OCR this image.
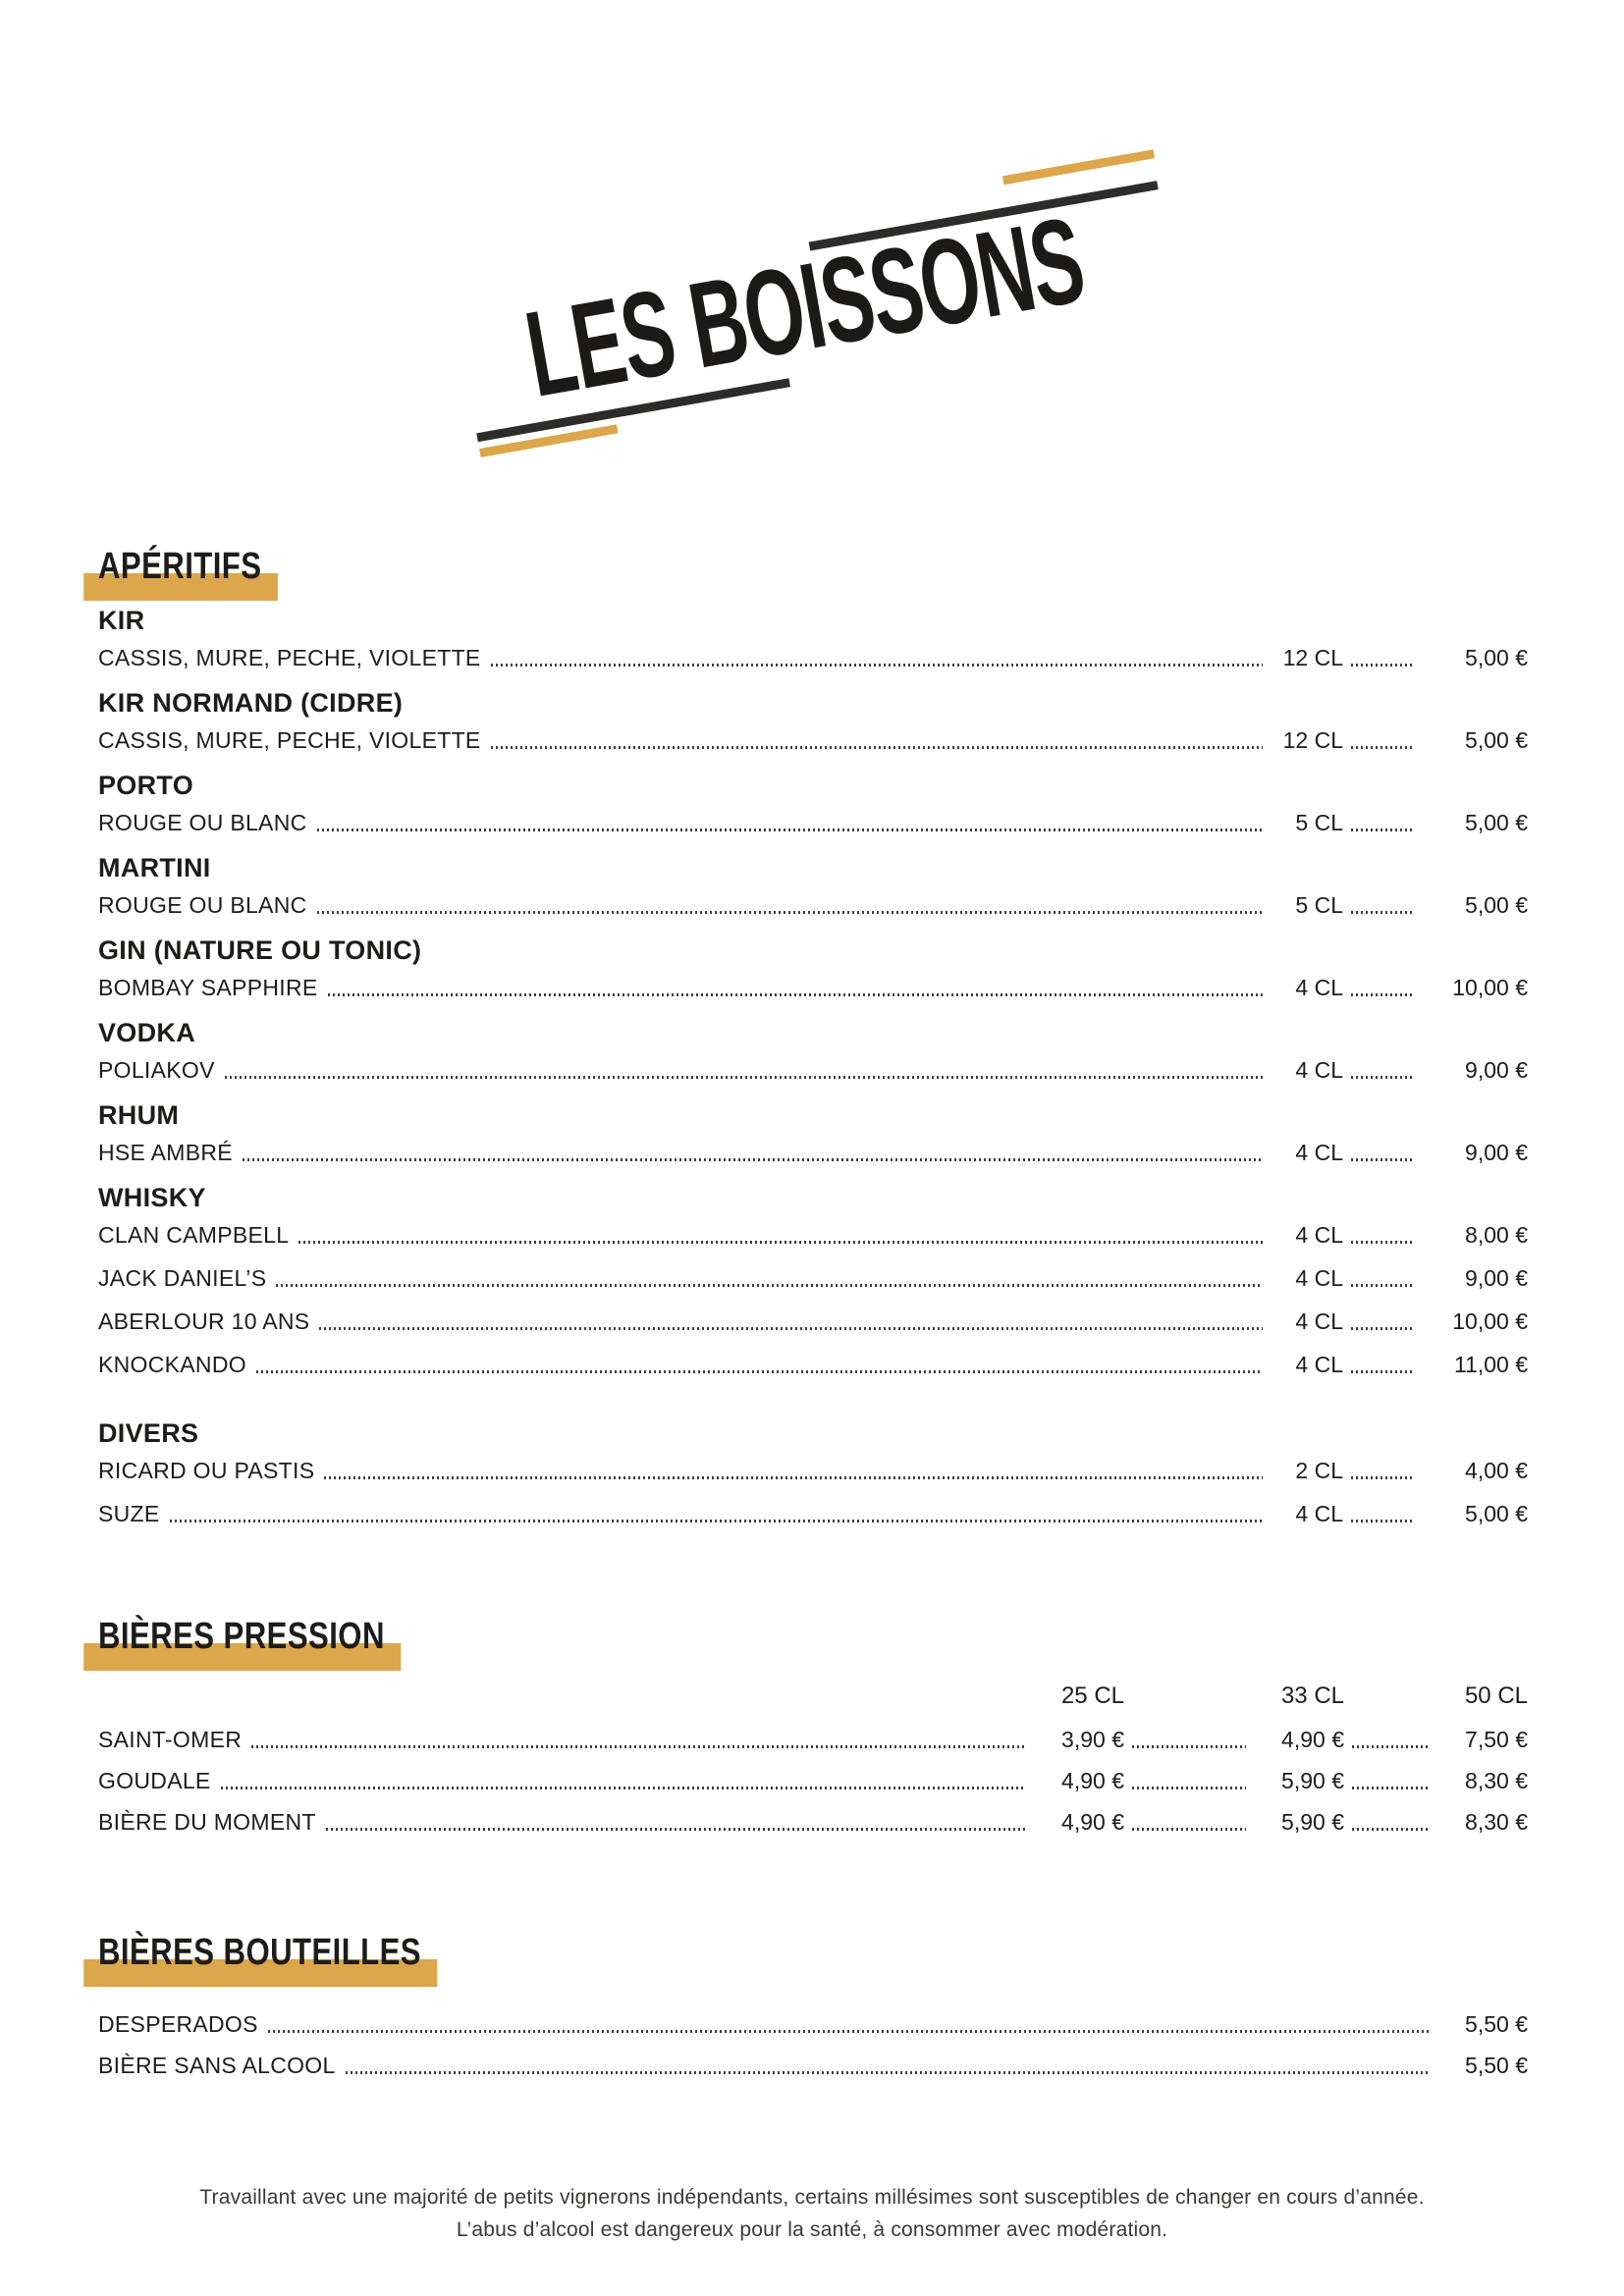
LES BOISSONS
APÉRITIFS
KIR
CASSIS, MURE, PECHE, VIOLETTE	12 CL	5,00 €
KIR NORMAND (CIDRE)
CASSIS, MURE, PECHE, VIOLETTE	12 CL	5,00 €
PORTO
ROUGE OU BLANC	5 CL	5,00 €
MARTINI
ROUGE OU BLANC	5 CL	5,00 €
GIN (NATURE OU TONIC)
BOMBAY SAPPHIRE	4 CL	10,00 €
VODKA
POLIAKOV	4 CL	9,00 €
RHUM
HSE AMBRÉ	4 CL	9,00 €
WHISKY
CLAN CAMPBELL	4 CL	8,00 €
JACK DANIEL’S	4 CL	9,00 €
ABERLOUR 10 ANS	4 CL	10,00 €
KNOCKANDO	4 CL	11,00 €
DIVERS
RICARD OU PASTIS	2 CL	4,00 €
SUZE	4 CL	5,00 €
BIÈRES PRESSION
25 CL	33 CL	50 CL
SAINT-OMER	3,90 €	4,90 €	7,50 €
GOUDALE	4,90 €	5,90 €	8,30 €
BIÈRE DU MOMENT	4,90 €	5,90 €	8,30 €
BIÈRES BOUTEILLES
DESPERADOS	5,50 €
BIÈRE SANS ALCOOL	5,50 €
Travaillant avec une majorité de petits vignerons indépendants, certains millésimes sont susceptibles de changer en cours d’année.
L’abus d’alcool est dangereux pour la santé, à consommer avec modération.
